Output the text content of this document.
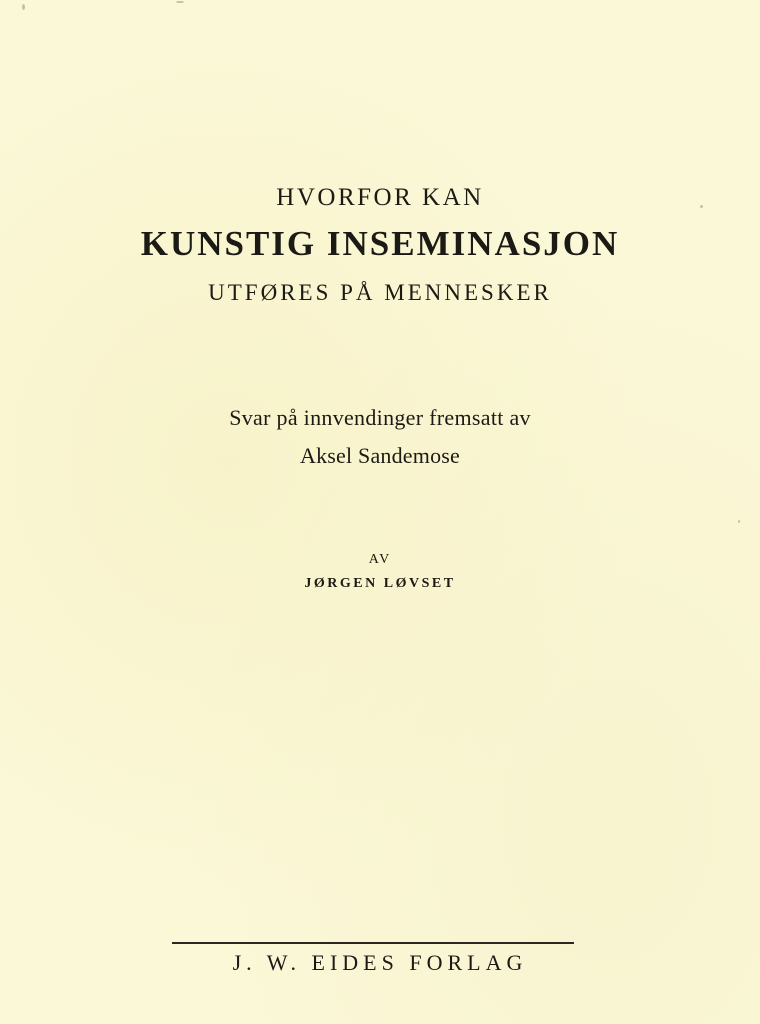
HVORFOR KAN
KUNSTIG INSEMINASJON
UTFØRES PÅ MENNESKER
Svar på innvendinger fremsatt av
Aksel Sandemose
AV
JØRGEN LØVSET
J. W. EIDES FORLAG
